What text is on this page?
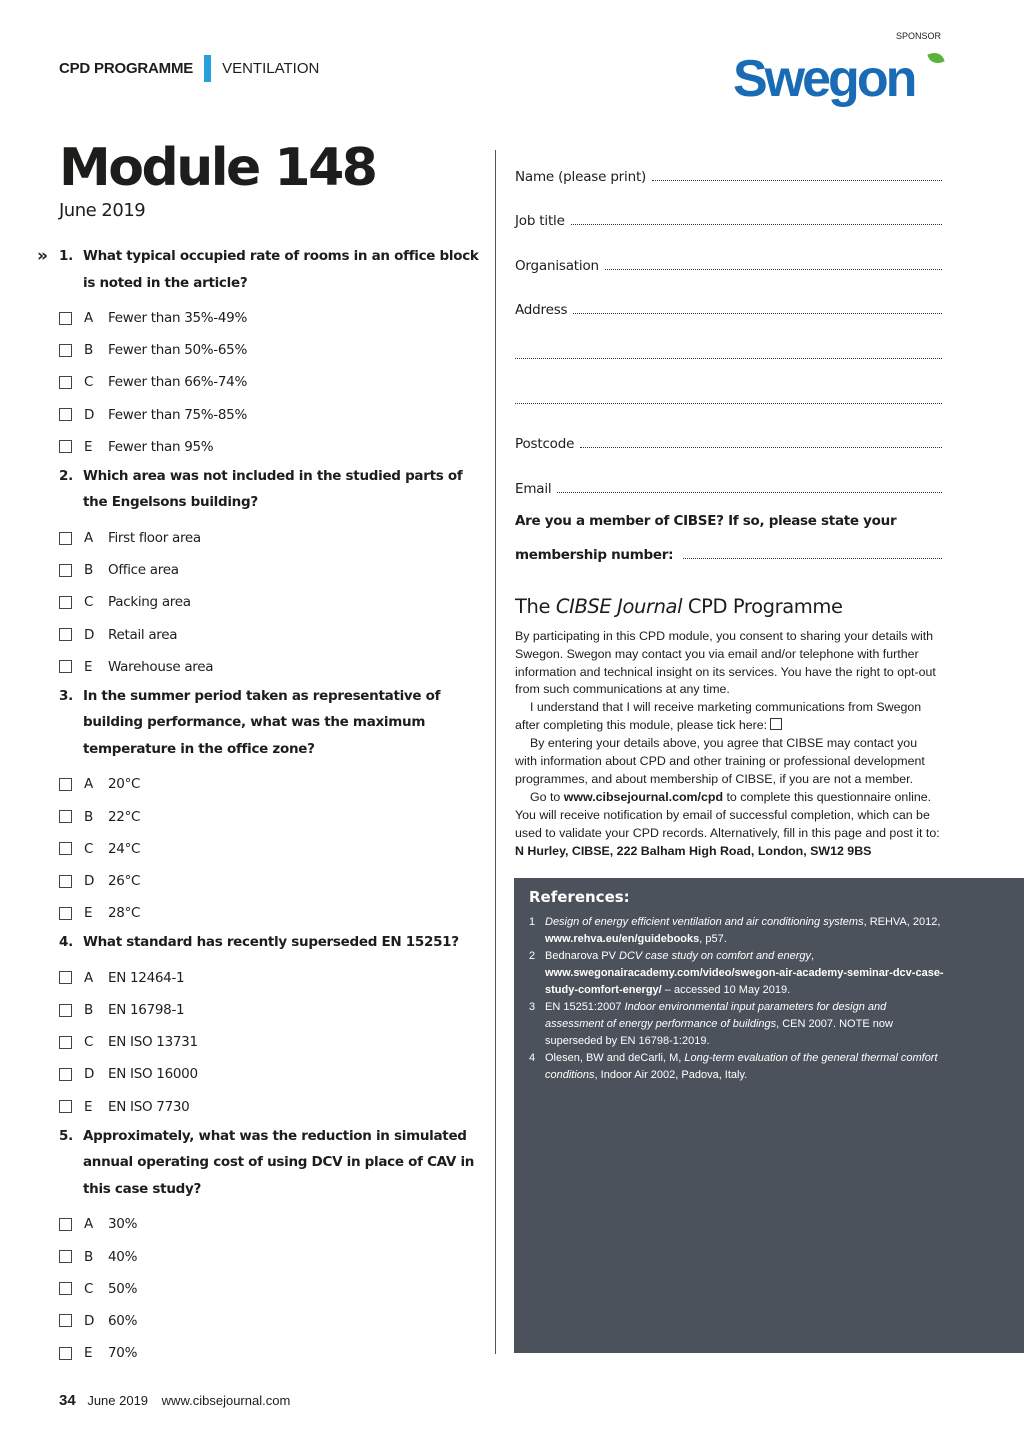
CPD PROGRAMME VENTILATION
SPONSOR
Swegon
Module 148
June 2019
» 1. What typical occupied rate of rooms in an office block is noted in the article?
A	Fewer than 35%-49%
B	Fewer than 50%-65%
C	Fewer than 66%-74%
D	Fewer than 75%-85%
E	Fewer than 95%
2. Which area was not included in the studied parts of the Engelsons building?
A	First floor area
B	Office area
C	Packing area
D	Retail area
E	Warehouse area
3. In the summer period taken as representative of building performance, what was the maximum temperature in the office zone?
A	20°C
B	22°C
C	24°C
D	26°C
E	28°C
4. What standard has recently superseded EN 15251?
A	EN 12464-1
B	EN 16798-1
C	EN ISO 13731
D	EN ISO 16000
E	EN ISO 7730
5. Approximately, what was the reduction in simulated annual operating cost of using DCV in place of CAV in this case study?
A	30%
B	40%
C	50%
D	60%
E	70%
Name (please print)
Job title
Organisation
Address
Postcode
Email
Are you a member of CIBSE? If so, please state your
membership number:
The CIBSE Journal CPD Programme

By participating in this CPD module, you consent to sharing your details with Swegon. Swegon may contact you via email and/or telephone with further information and technical insight on its services. You have the right to opt-out from such communications at any time.

I understand that I will receive marketing communications from Swegon after completing this module, please tick here:

By entering your details above, you agree that CIBSE may contact you with information about CPD and other training or professional development programmes, and about membership of CIBSE, if you are not a member.

Go to www.cibsejournal.com/cpd to complete this questionnaire online. You will receive notification by email of successful completion, which can be used to validate your CPD records. Alternatively, fill in this page and post it to: N Hurley, CIBSE, 222 Balham High Road, London, SW12 9BS

References:
1 Design of energy efficient ventilation and air conditioning systems, REHVA, 2012, www.rehva.eu/en/guidebooks, p57.
2 Bednarova PV DCV case study on comfort and energy, www.swegonairacademy.com/video/swegon-air-academy-seminar-dcv-case-study-comfort-energy/ – accessed 10 May 2019.
3 EN 15251:2007 Indoor environmental input parameters for design and assessment of energy performance of buildings, CEN 2007. NOTE now superseded by EN 16798-1:2019.
4 Olesen, BW and deCarli, M, Long-term evaluation of the general thermal comfort conditions, Indoor Air 2002, Padova, Italy.
34 June 2019 www.cibsejournal.com
